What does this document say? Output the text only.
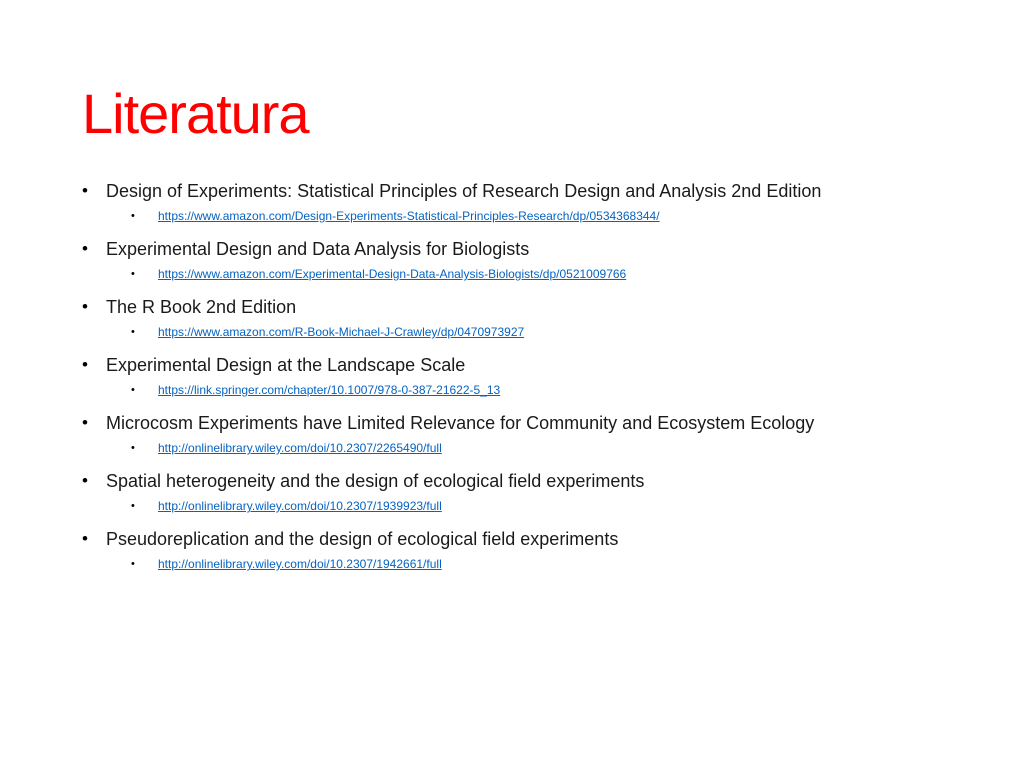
Literatura
•	Design of Experiments: Statistical Principles of Research Design and Analysis 2nd Edition
•	https://www.amazon.com/Design-Experiments-Statistical-Principles-Research/dp/0534368344/
•	Experimental Design and Data Analysis for Biologists
•	https://www.amazon.com/Experimental-Design-Data-Analysis-Biologists/dp/0521009766
•	The R Book 2nd Edition
•	https://www.amazon.com/R-Book-Michael-J-Crawley/dp/0470973927
•	Experimental Design at the Landscape Scale
•	https://link.springer.com/chapter/10.1007/978-0-387-21622-5_13
•	Microcosm Experiments have Limited Relevance for Community and Ecosystem Ecology
•	http://onlinelibrary.wiley.com/doi/10.2307/2265490/full
•	Spatial heterogeneity and the design of ecological field experiments
•	http://onlinelibrary.wiley.com/doi/10.2307/1939923/full
•	Pseudoreplication and the design of ecological field experiments
•	http://onlinelibrary.wiley.com/doi/10.2307/1942661/full
